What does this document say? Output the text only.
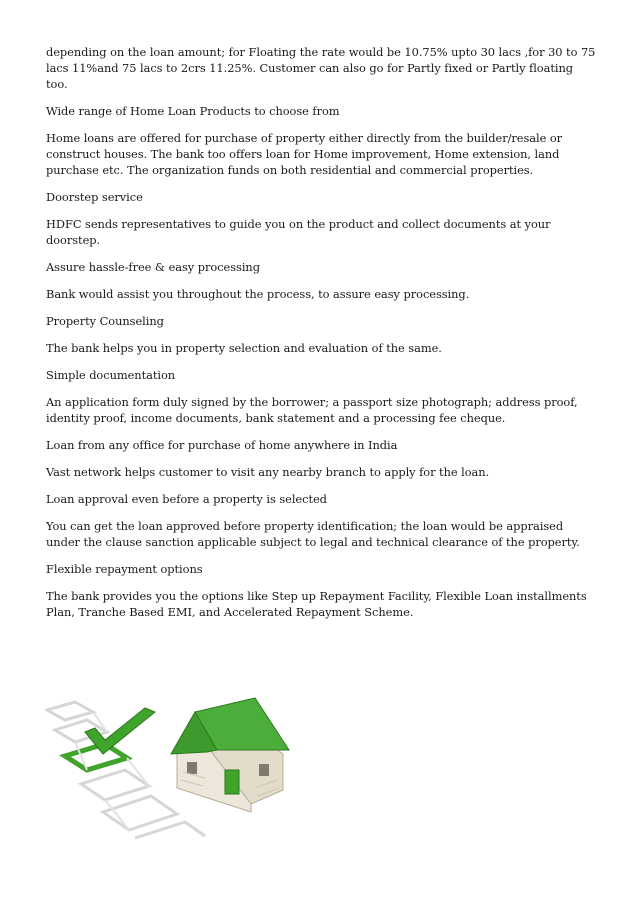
depending on the loan amount; for Floating the rate would be 10.75% upto 30 lacs ,for 30 to 75 lacs 11%and 75 lacs to 2crs 11.25%. Customer can also go for Partly fixed or Partly floating too.

Wide range of Home Loan Products to choose from

Home loans are offered for purchase of property either directly from the builder/resale or construct houses. The bank too offers loan for Home improvement, Home extension, land purchase etc. The organization funds on both residential and commercial properties.

Doorstep service

HDFC sends representatives to guide you on the product and collect documents at your doorstep.

Assure hassle-free & easy processing

Bank would assist you throughout the process, to assure easy processing.

Property Counseling

The bank helps you in property selection and evaluation of the same.

Simple documentation

An application form duly signed by the borrower; a passport size photograph; address proof, identity proof, income documents, bank statement and a processing fee cheque.

Loan from any office for purchase of home anywhere in India

Vast network helps customer to visit any nearby branch to apply for the loan.

Loan approval even before a property is selected

You can get the loan approved before property identification; the loan would be appraised under the clause sanction applicable subject to legal and technical clearance of the property.

Flexible repayment options

The bank provides you the options like Step up Repayment Facility, Flexible Loan installments Plan, Tranche Based EMI, and Accelerated Repayment Scheme.
